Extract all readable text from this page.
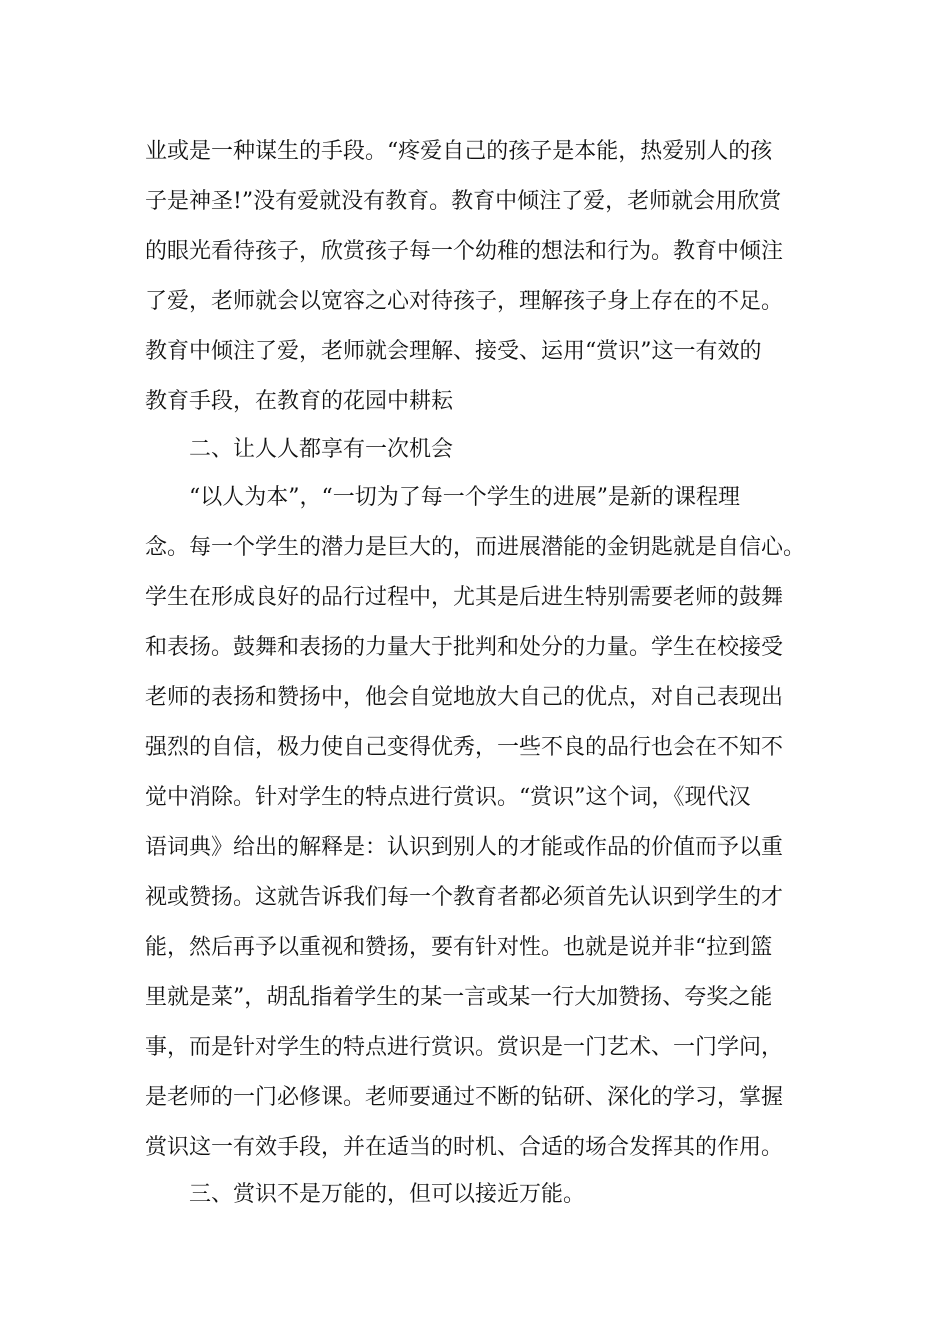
业或是一种谋生的手段。“疼爱自己的孩子是本能，热爱别人的孩
子是神圣!”没有爱就没有教育。教育中倾注了爱，老师就会用欣赏
的眼光看待孩子，欣赏孩子每一个幼稚的想法和行为。教育中倾注
了爱，老师就会以宽容之心对待孩子，理解孩子身上存在的不足。
教育中倾注了爱，老师就会理解、接受、运用“赏识”这一有效的
教育手段，在教育的花园中耕耘
二、让人人都享有一次机会
“以人为本”，“一切为了每一个学生的进展”是新的课程理
念。每一个学生的潜力是巨大的，而进展潜能的金钥匙就是自信心。
学生在形成良好的品行过程中，尤其是后进生特别需要老师的鼓舞
和表扬。鼓舞和表扬的力量大于批判和处分的力量。学生在校接受
老师的表扬和赞扬中，他会自觉地放大自己的优点，对自己表现出
强烈的自信，极力使自己变得优秀，一些不良的品行也会在不知不
觉中消除。针对学生的特点进行赏识。“赏识”这个词，《现代汉
语词典》给出的解释是：认识到别人的才能或作品的价值而予以重
视或赞扬。这就告诉我们每一个教育者都必须首先认识到学生的才
能，然后再予以重视和赞扬，要有针对性。也就是说并非“拉到篮
里就是菜”，胡乱指着学生的某一言或某一行大加赞扬、夸奖之能
事，而是针对学生的特点进行赏识。赏识是一门艺术、一门学问，
是老师的一门必修课。老师要通过不断的钻研、深化的学习，掌握
赏识这一有效手段，并在适当的时机、合适的场合发挥其的作用。
三、赏识不是万能的，但可以接近万能。
